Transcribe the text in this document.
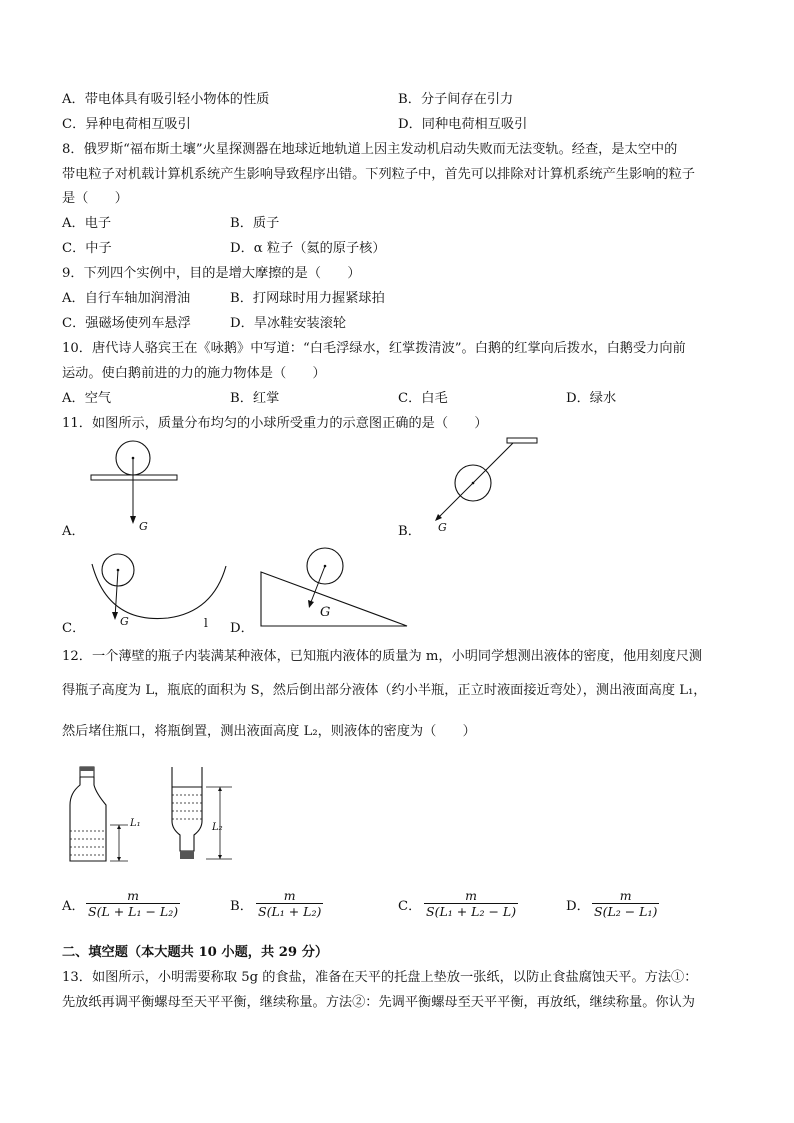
A．带电体具有吸引轻小物体的性质	B．分子间存在引力
C．异种电荷相互吸引	D．同种电荷相互吸引
8．俄罗斯“福布斯土壤”火星探测器在地球近地轨道上因主发动机启动失败而无法变轨。经查，是太空中的
带电粒子对机载计算机系统产生影响导致程序出错。下列粒子中，首先可以排除对计算机系统产生影响的粒子
是（　　）
A．电子	B．质子
C．中子	D．α 粒子（氦的原子核）
9．下列四个实例中，目的是增大摩擦的是（　　）
A．自行车轴加润滑油	B．打网球时用力握紧球拍
C．强磁场使列车悬浮	D．旱冰鞋安装滚轮
10．唐代诗人骆宾王在《咏鹅》中写道：“白毛浮绿水，红掌拨清波”。白鹅的红掌向后拨水，白鹅受力向前
运动。使白鹅前进的力的施力物体是（　　）
A．空气	B．红掌	C．白毛	D．绿水
11．如图所示，质量分布均匀的小球所受重力的示意图正确的是（　　）
G
A．	G
B．
G
C．	l
G
D．
12．一个薄壁的瓶子内装满某种液体，已知瓶内液体的质量为 m，小明同学想测出液体的密度，他用刻度尺测
得瓶子高度为 L，瓶底的面积为 S，然后倒出部分液体（约小半瓶，正立时液面接近弯处），测出液面高度 L₁，
然后堵住瓶口，将瓶倒置，测出液面高度 L₂，则液体的密度为（　　）
L₁	L₂
A． $\frac{m}{\text{S(L + L₁ − L₂)}}$	B． $\frac{m}{\text{S(L₁ + L₂)}}$	C． $\frac{m}{\text{S(L₁ + L₂ − L)}}$	D． $\frac{m}{\text{S(L₂ − L₁)}}$
二、填空题（本大题共 10 小题，共 29 分）
13．如图所示，小明需要称取 5g 的食盐，准备在天平的托盘上垫放一张纸，以防止食盐腐蚀天平。方法①：
先放纸再调平衡螺母至天平平衡，继续称量。方法②：先调平衡螺母至天平平衡，再放纸，继续称量。你认为
